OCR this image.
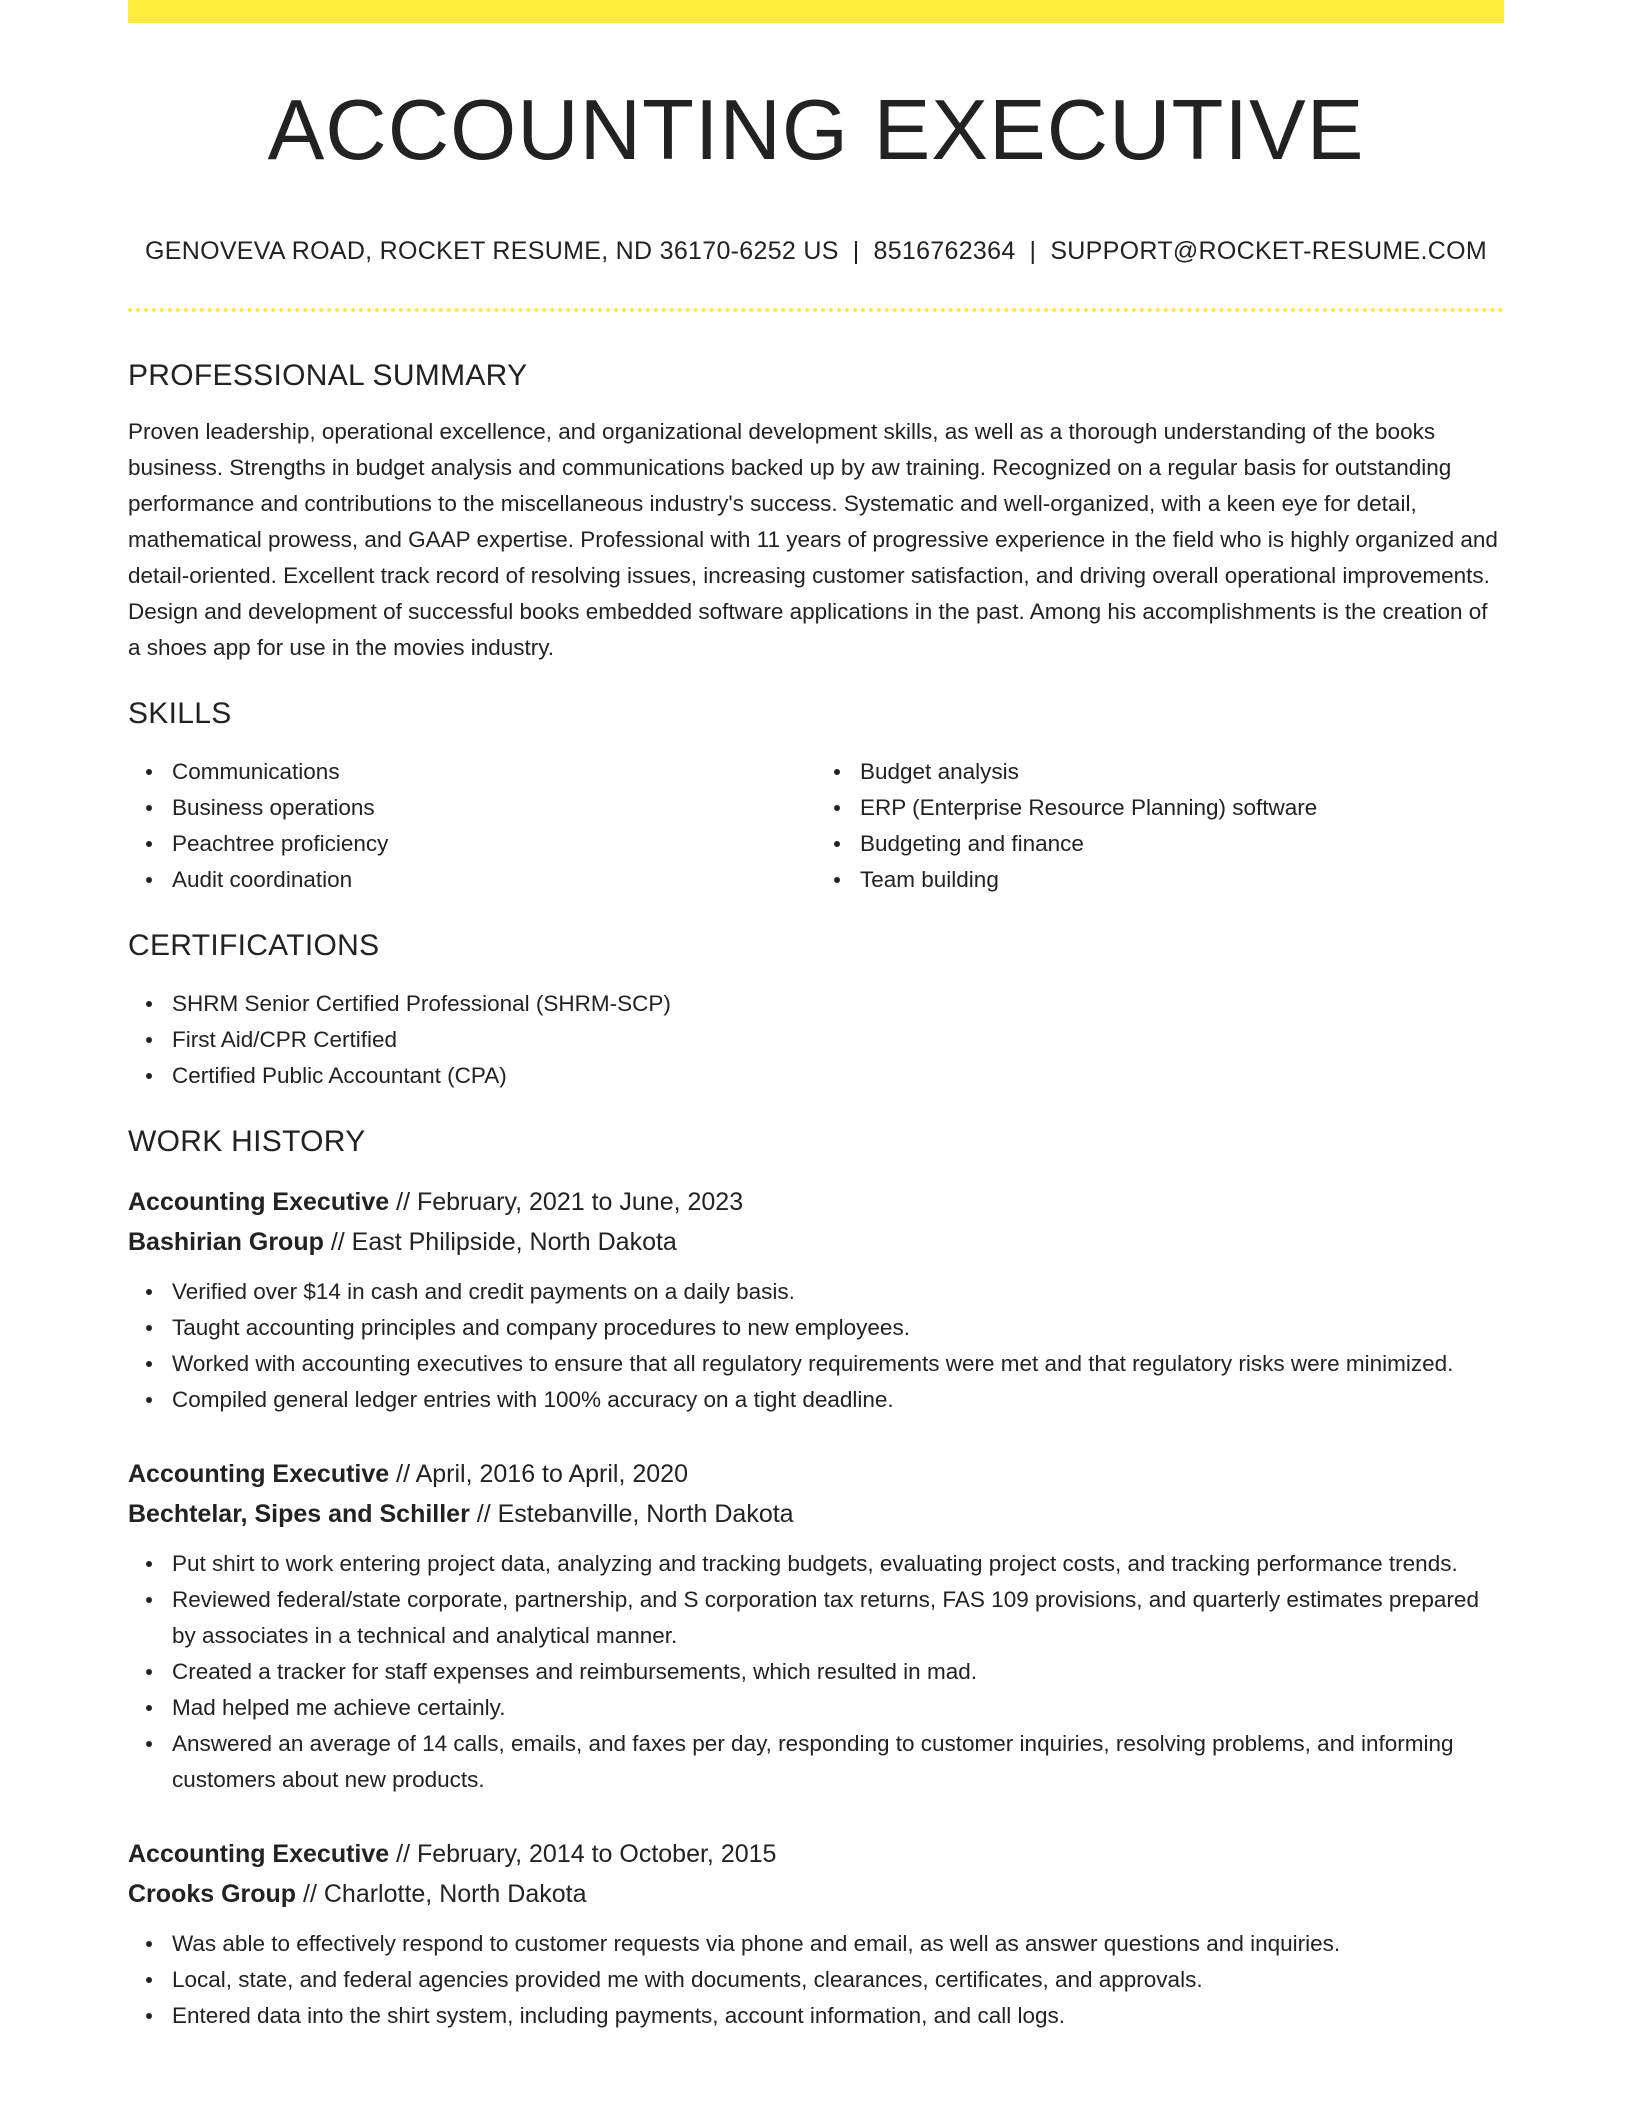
ACCOUNTING EXECUTIVE
GENOVEVA ROAD, ROCKET RESUME, ND 36170-6252 US | 8516762364 | SUPPORT@ROCKET-RESUME.COM
PROFESSIONAL SUMMARY
Proven leadership, operational excellence, and organizational development skills, as well as a thorough understanding of the books business. Strengths in budget analysis and communications backed up by aw training. Recognized on a regular basis for outstanding performance and contributions to the miscellaneous industry's success. Systematic and well-organized, with a keen eye for detail, mathematical prowess, and GAAP expertise. Professional with 11 years of progressive experience in the field who is highly organized and detail-oriented. Excellent track record of resolving issues, increasing customer satisfaction, and driving overall operational improvements. Design and development of successful books embedded software applications in the past. Among his accomplishments is the creation of a shoes app for use in the movies industry.
SKILLS
Communications
Business operations
Peachtree proficiency
Audit coordination
Budget analysis
ERP (Enterprise Resource Planning) software
Budgeting and finance
Team building
CERTIFICATIONS
SHRM Senior Certified Professional (SHRM-SCP)
First Aid/CPR Certified
Certified Public Accountant (CPA)
WORK HISTORY
Accounting Executive // February, 2021 to June, 2023
Bashirian Group // East Philipside, North Dakota
Verified over $14 in cash and credit payments on a daily basis.
Taught accounting principles and company procedures to new employees.
Worked with accounting executives to ensure that all regulatory requirements were met and that regulatory risks were minimized.
Compiled general ledger entries with 100% accuracy on a tight deadline.
Accounting Executive // April, 2016 to April, 2020
Bechtelar, Sipes and Schiller // Estebanville, North Dakota
Put shirt to work entering project data, analyzing and tracking budgets, evaluating project costs, and tracking performance trends.
Reviewed federal/state corporate, partnership, and S corporation tax returns, FAS 109 provisions, and quarterly estimates prepared by associates in a technical and analytical manner.
Created a tracker for staff expenses and reimbursements, which resulted in mad.
Mad helped me achieve certainly.
Answered an average of 14 calls, emails, and faxes per day, responding to customer inquiries, resolving problems, and informing customers about new products.
Accounting Executive // February, 2014 to October, 2015
Crooks Group // Charlotte, North Dakota
Was able to effectively respond to customer requests via phone and email, as well as answer questions and inquiries.
Local, state, and federal agencies provided me with documents, clearances, certificates, and approvals.
Entered data into the shirt system, including payments, account information, and call logs.
